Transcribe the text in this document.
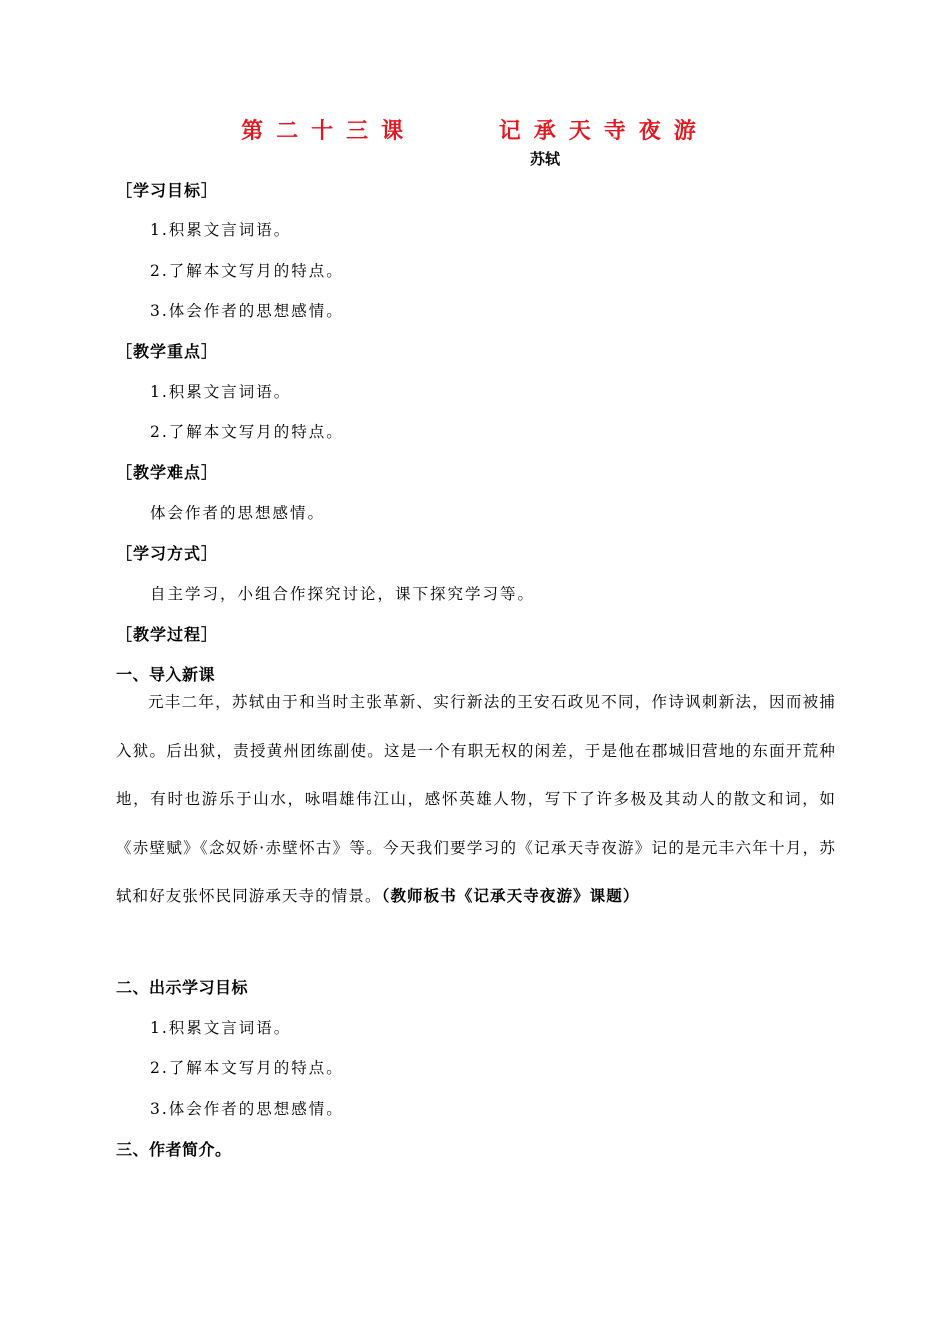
第二十三课    记承天寺夜游
苏轼
［学习目标］
1.积累文言词语。
2.了解本文写月的特点。
3.体会作者的思想感情。
［教学重点］
1.积累文言词语。
2.了解本文写月的特点。
［教学难点］
体会作者的思想感情。
［学习方式］
自主学习，小组合作探究讨论，课下探究学习等。
［教学过程］
一、导入新课
元丰二年，苏轼由于和当时主张革新、实行新法的王安石政见不同，作诗讽刺新法，因而被捕入狱。后出狱，责授黄州团练副使。这是一个有职无权的闲差，于是他在郡城旧营地的东面开荒种地，有时也游乐于山水，咏唱雄伟江山，感怀英雄人物，写下了许多极及其动人的散文和词，如《赤壁赋》《念奴娇·赤壁怀古》等。今天我们要学习的《记承天寺夜游》记的是元丰六年十月，苏轼和好友张怀民同游承天寺的情景。（教师板书《记承天寺夜游》课题）
二、出示学习目标
1.积累文言词语。
2.了解本文写月的特点。
3.体会作者的思想感情。
三、作者简介。
